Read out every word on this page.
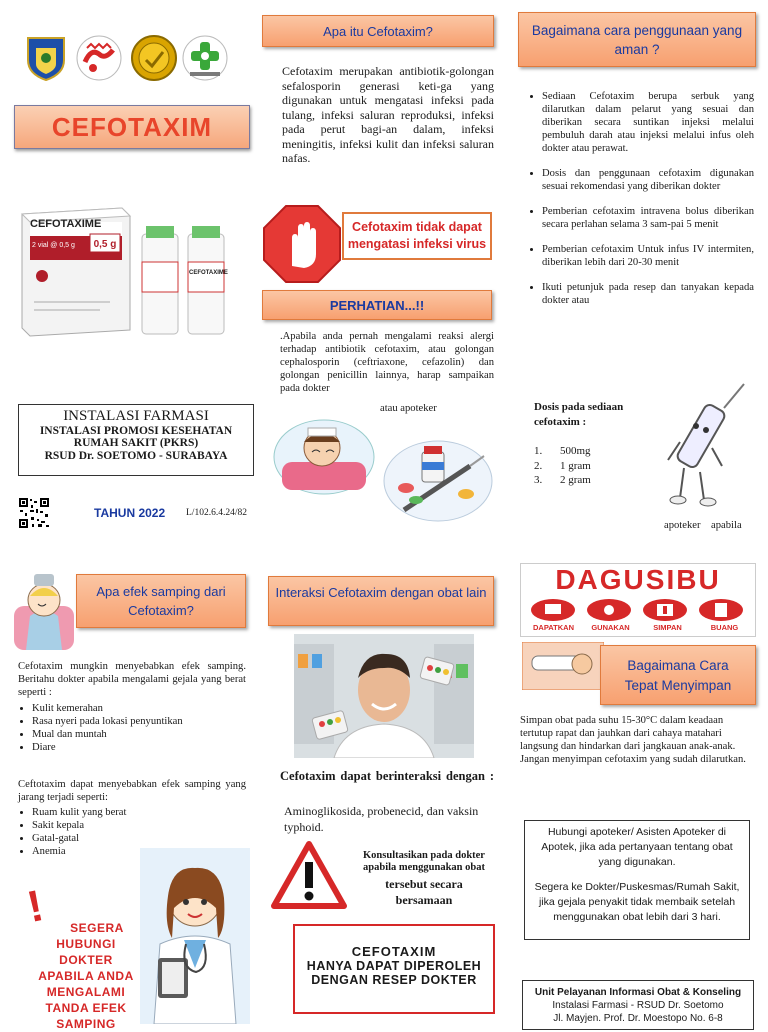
CEFOTAXIM
CEFOTAXIME
0,5 g
2 vial @ 0,5 g
CEFOTAXIME
INSTALASI FARMASI
INSTALASI PROMOSI KESEHATAN
RUMAH SAKIT (PKRS)
RSUD Dr. SOETOMO - SURABAYA
TAHUN 2022 L/102.6.4.24/82
Apa itu Cefotaxim?
Cefotaxim merupakan antibiotik-golongan sefalosporin generasi keti-ga yang digunakan untuk mengatasi infeksi pada tulang, infeksi saluran reproduksi, infeksi pada perut bagi-an dalam, infeksi meningitis, infeksi kulit dan infeksi saluran nafas.
Cefotaxim tidak dapat mengatasi infeksi virus
PERHATIAN...!!
.Apabila anda pernah mengalami reaksi alergi terhadap antibiotik cefotaxim, atau golongan cephalosporin (ceftriaxone, cefazolin) dan golongan penicillin lainnya, harap sampaikan pada dokter
atau apoteker
Bagaimana cara penggunaan yang aman ?
• Sediaan Cefotaxim berupa serbuk yang dilarutkan dalam pelarut yang sesuai dan diberikan secara suntikan injeksi melalui pembuluh darah atau injeksi melalui infus oleh dokter atau perawat.
• Dosis dan penggunaan cefotaxim digunakan sesuai rekomendasi yang diberikan dokter
• Pemberian cefotaxim intravena bolus diberikan secara perlahan selama 3 sam-pai 5 menit
• Pemberian cefotaxim Untuk infus IV intermiten, diberikan lebih dari 20-30 menit
• Ikuti petunjuk pada resep dan tanyakan kepada dokter atau
Dosis pada sediaan cefotaxim :
1. 500mg
2. 1 gram
3. 2 gram
apoteker    apabila
Apa efek samping dari Cefotaxim?
Cefotaxim mungkin menyebabkan efek samping. Beritahu dokter apabila mengalami gejala yang berat seperti :
• Kulit kemerahan
• Rasa nyeri pada lokasi penyuntikan
• Mual dan muntah
• Diare
Ceftotaxim dapat menyebabkan efek samping yang jarang terjadi seperti:
• Ruam kulit yang berat
• Sakit kepala
• Gatal-gatal
• Anemia
!	SEGERA
HUBUNGI
DOKTER
APABILA ANDA
MENGALAMI
TANDA EFEK
SAMPING
Interaksi Cefotaxim dengan obat lain
Cefotaxim dapat berinteraksi dengan :
Aminoglikosida, probenecid, dan vaksin typhoid.
Konsultasikan pada dokter apabila menggunakan obat
tersebut secara bersamaan
CEFOTAXIM
HANYA DAPAT DIPEROLEH
DENGAN RESEP DOKTER
DAGUSIBU
DAPATKAN	GUNAKAN	SIMPAN	BUANG
Bagaimana Cara Tepat Menyimpan
Simpan obat pada suhu 15-30°C dalam keadaan tertutup rapat dan jauhkan dari cahaya matahari langsung dan hindarkan dari jangkauan anak-anak. Jangan menyimpan cefotaxim yang sudah dilarutkan.
Hubungi apoteker/ Asisten Apoteker di Apotek, jika ada pertanyaan tentang obat yang digunakan.
Segera ke Dokter/Puskesmas/Rumah Sakit, jika gejala penyakit tidak membaik setelah menggunakan obat lebih dari 3 hari.
Unit Pelayanan Informasi Obat & Konseling
Instalasi Farmasi - RSUD Dr. Soetomo
Jl. Mayjen. Prof. Dr. Moestopo No. 6-8
